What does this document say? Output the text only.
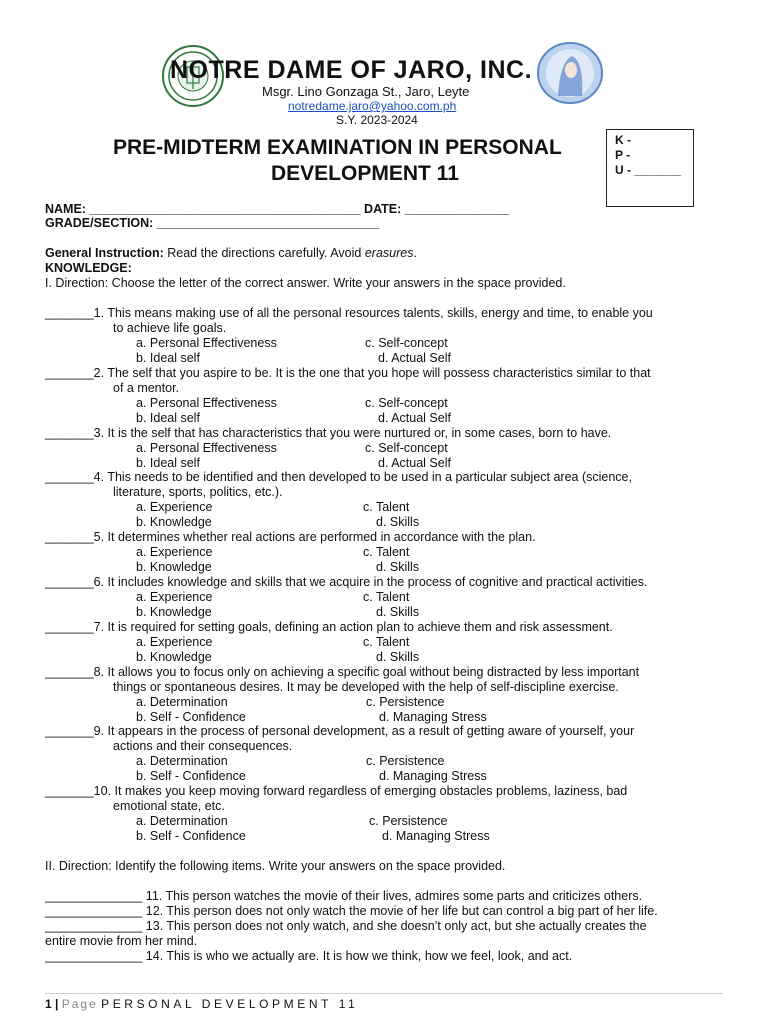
NOTRE DAME OF JARO, INC.
Msgr. Lino Gonzaga St., Jaro, Leyte
notredame.jaro@yahoo.com.ph
S.Y. 2023-2024
PRE-MIDTERM EXAMINATION IN PERSONAL
DEVELOPMENT 11
K -
P -
U - _______
NAME: _______________________________________ DATE: _______________
GRADE/SECTION: ________________________________
General Instruction: Read the directions carefully. Avoid erasures.
KNOWLEDGE:
I. Direction: Choose the letter of the correct answer. Write your answers in the space provided.
_______1. This means making use of all the personal resources talents, skills, energy and time, to enable you
to achieve life goals.
a. Personal Effectiveness	c. Self-concept
b. Ideal self	d. Actual Self
_______2. The self that you aspire to be. It is the one that you hope will possess characteristics similar to that
of a mentor.
a. Personal Effectiveness	c. Self-concept
b. Ideal self	d. Actual Self
_______3. It is the self that has characteristics that you were nurtured or, in some cases, born to have.
a. Personal Effectiveness	c. Self-concept
b. Ideal self	d. Actual Self
_______4. This needs to be identified and then developed to be used in a particular subject area (science,
literature, sports, politics, etc.).
a. Experience	c. Talent
b. Knowledge	d. Skills
_______5. It determines whether real actions are performed in accordance with the plan.
a. Experience	c. Talent
b. Knowledge	d. Skills
_______6. It includes knowledge and skills that we acquire in the process of cognitive and practical activities.
a. Experience	c. Talent
b. Knowledge	d. Skills
_______7. It is required for setting goals, defining an action plan to achieve them and risk assessment.
a. Experience	c. Talent
b. Knowledge	d. Skills
_______8. It allows you to focus only on achieving a specific goal without being distracted by less important
things or spontaneous desires. It may be developed with the help of self-discipline exercise.
a. Determination	c. Persistence
b. Self - Confidence	d. Managing Stress
_______9. It appears in the process of personal development, as a result of getting aware of yourself, your
actions and their consequences.
a. Determination	c. Persistence
b. Self - Confidence	d. Managing Stress
_______10. It makes you keep moving forward regardless of emerging obstacles problems, laziness, bad
emotional state, etc.
a. Determination	c. Persistence
b. Self - Confidence	d. Managing Stress
II. Direction: Identify the following items. Write your answers on the space provided.
______________ 11. This person watches the movie of their lives, admires some parts and criticizes others.
______________ 12. This person does not only watch the movie of her life but can control a big part of her life.
______________ 13. This person does not only watch, and she doesn’t only act, but she actually creates the
entire movie from her mind.
______________ 14. This is who we actually are. It is how we think, how we feel, look, and act.
1 | Page PERSONAL DEVELOPMENT 11
